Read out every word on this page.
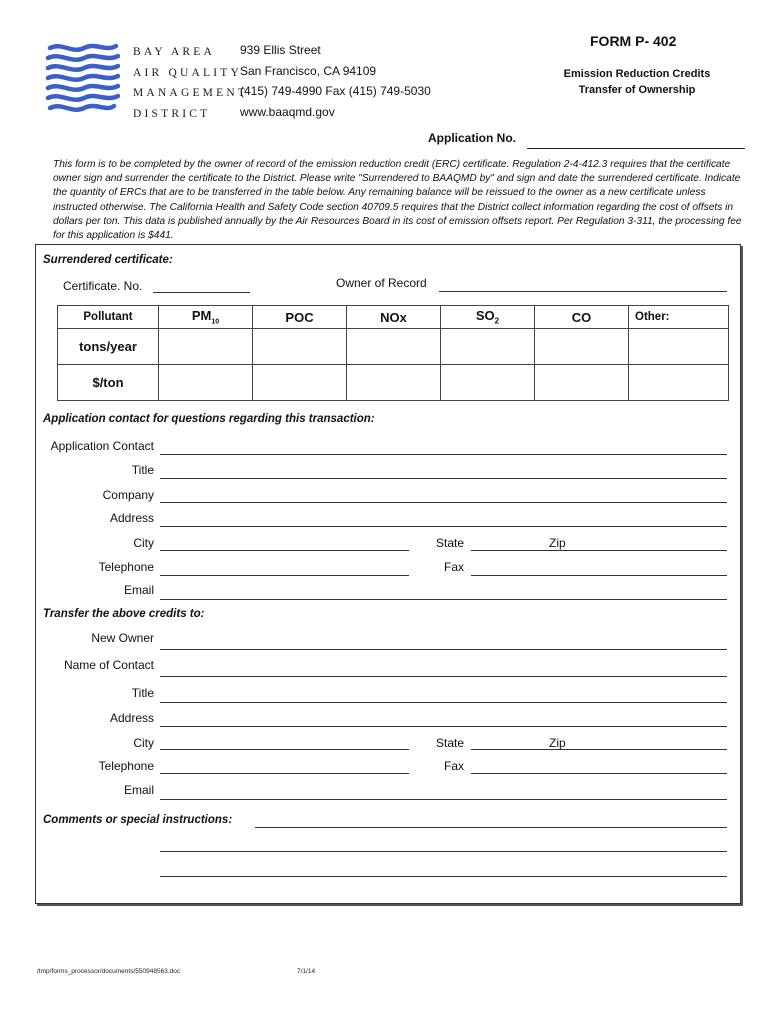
BAY AREA
AIR QUALITY
MANAGEMENT
DISTRICT
939 Ellis Street
San Francisco, CA 94109
(415) 749-4990 Fax (415) 749-5030
www.baaqmd.gov
FORM P- 402
Emission Reduction Credits
Transfer of Ownership
Application No.
This form is to be completed by the owner of record of the emission reduction credit (ERC) certificate. Regulation 2-4-412.3 requires that the certificate owner sign and surrender the certificate to the District. Please write "Surrendered to BAAQMD by" and sign and date the surrendered certificate. Indicate the quantity of ERCs that are to be transferred in the table below. Any remaining balance will be reissued to the owner as a new certificate unless instructed otherwise. The California Health and Safety Code section 40709.5 requires that the District collect information regarding the cost of offsets in dollars per ton. This data is published annually by the Air Resources Board in its cost of emission offsets report. Per Regulation 3-311, the processing fee for this application is $441.
Surrendered certificate:
Certificate. No.	Owner of Record
Pollutant	$PM_{10}$	POC	NOx	$SO_2$	CO	Other:
tons/year						
$/ton						
Application contact for questions regarding this transaction:
Application Contact
Title
Company
Address
City	State	Zip
Telephone	Fax
Email
Transfer the above credits to:
New Owner
Name of Contact
Title
Address
City	State	Zip
Telephone	Fax
Email
Comments or special instructions:
/tmp/forms_processor/documents/550948563.doc	7/1/14
